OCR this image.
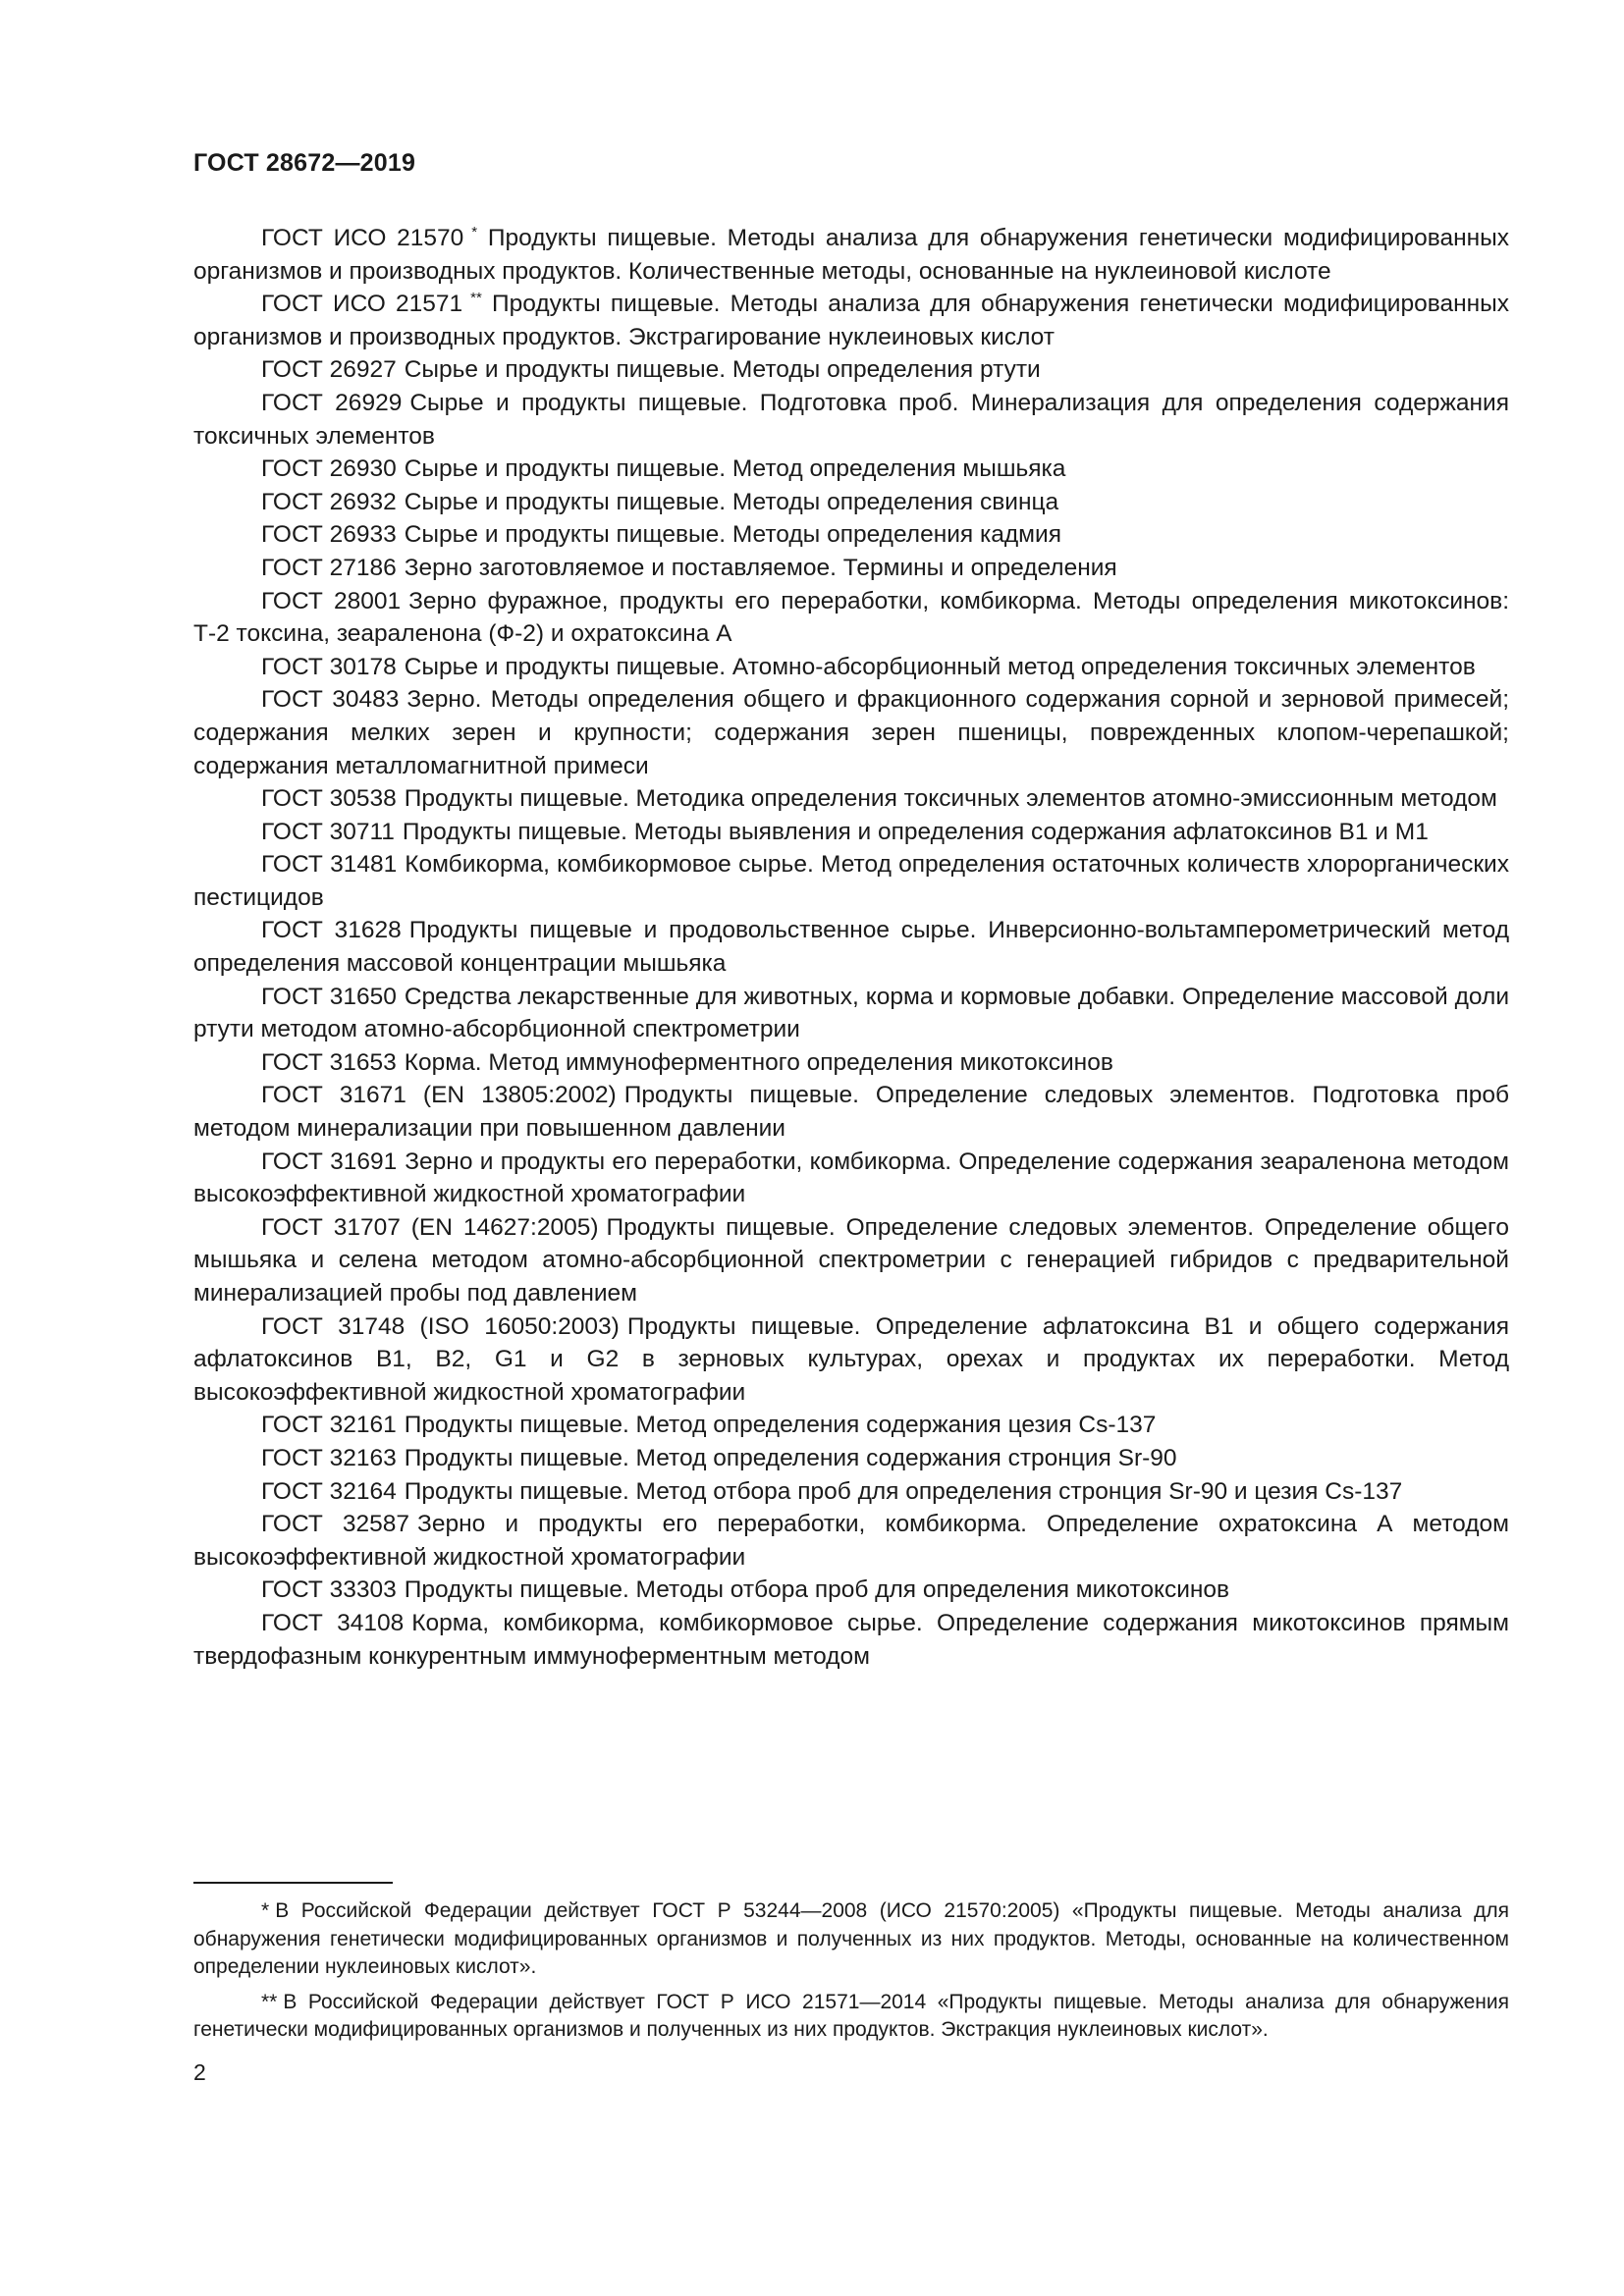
ГОСТ 28672—2019

ГОСТ ИСО 21570 * Продукты пищевые. Методы анализа для обнаружения генетически модифицированных организмов и производных продуктов. Количественные методы, основанные на нуклеиновой кислоте

ГОСТ ИСО 21571 ** Продукты пищевые. Методы анализа для обнаружения генетически модифицированных организмов и производных продуктов. Экстрагирование нуклеиновых кислот

ГОСТ 26927 Сырье и продукты пищевые. Методы определения ртути

ГОСТ 26929 Сырье и продукты пищевые. Подготовка проб. Минерализация для определения содержания токсичных элементов

ГОСТ 26930 Сырье и продукты пищевые. Метод определения мышьяка

ГОСТ 26932 Сырье и продукты пищевые. Методы определения свинца

ГОСТ 26933 Сырье и продукты пищевые. Методы определения кадмия

ГОСТ 27186 Зерно заготовляемое и поставляемое. Термины и определения

ГОСТ 28001 Зерно фуражное, продукты его переработки, комбикорма. Методы определения микотоксинов: Т-2 токсина, зеараленона (Ф-2) и охратоксина А

ГОСТ 30178 Сырье и продукты пищевые. Атомно-абсорбционный метод определения токсичных элементов

ГОСТ 30483 Зерно. Методы определения общего и фракционного содержания сорной и зерновой примесей; содержания мелких зерен и крупности; содержания зерен пшеницы, поврежденных клопом-черепашкой; содержания металломагнитной примеси

ГОСТ 30538 Продукты пищевые. Методика определения токсичных элементов атомно-эмиссионным методом

ГОСТ 30711 Продукты пищевые. Методы выявления и определения содержания афлатоксинов В1 и М1

ГОСТ 31481 Комбикорма, комбикормовое сырье. Метод определения остаточных количеств хлорорганических пестицидов

ГОСТ 31628 Продукты пищевые и продовольственное сырье. Инверсионно-вольтамперометрический метод определения массовой концентрации мышьяка

ГОСТ 31650 Средства лекарственные для животных, корма и кормовые добавки. Определение массовой доли ртути методом атомно-абсорбционной спектрометрии

ГОСТ 31653 Корма. Метод иммуноферментного определения микотоксинов

ГОСТ 31671 (EN 13805:2002) Продукты пищевые. Определение следовых элементов. Подготовка проб методом минерализации при повышенном давлении

ГОСТ 31691 Зерно и продукты его переработки, комбикорма. Определение содержания зеараленона методом высокоэффективной жидкостной хроматографии

ГОСТ 31707 (EN 14627:2005) Продукты пищевые. Определение следовых элементов. Определение общего мышьяка и селена методом атомно-абсорбционной спектрометрии с генерацией гибридов с предварительной минерализацией пробы под давлением

ГОСТ 31748 (ISO 16050:2003) Продукты пищевые. Определение афлатоксина В1 и общего содержания афлатоксинов В1, В2, G1 и G2 в зерновых культурах, орехах и продуктах их переработки. Метод высокоэффективной жидкостной хроматографии

ГОСТ 32161 Продукты пищевые. Метод определения содержания цезия Cs-137

ГОСТ 32163 Продукты пищевые. Метод определения содержания стронция Sr-90

ГОСТ 32164 Продукты пищевые. Метод отбора проб для определения стронция Sr-90 и цезия Cs-137

ГОСТ 32587 Зерно и продукты его переработки, комбикорма. Определение охратоксина А методом высокоэффективной жидкостной хроматографии

ГОСТ 33303 Продукты пищевые. Методы отбора проб для определения микотоксинов

ГОСТ 34108 Корма, комбикорма, комбикормовое сырье. Определение содержания микотоксинов прямым твердофазным конкурентным иммуноферментным методом

* В Российской Федерации действует ГОСТ Р 53244—2008 (ИСО 21570:2005) «Продукты пищевые. Методы анализа для обнаружения генетически модифицированных организмов и полученных из них продуктов. Методы, основанные на количественном определении нуклеиновых кислот».

** В Российской Федерации действует ГОСТ Р ИСО 21571—2014 «Продукты пищевые. Методы анализа для обнаружения генетически модифицированных организмов и полученных из них продуктов. Экстракция нуклеиновых кислот».

2
